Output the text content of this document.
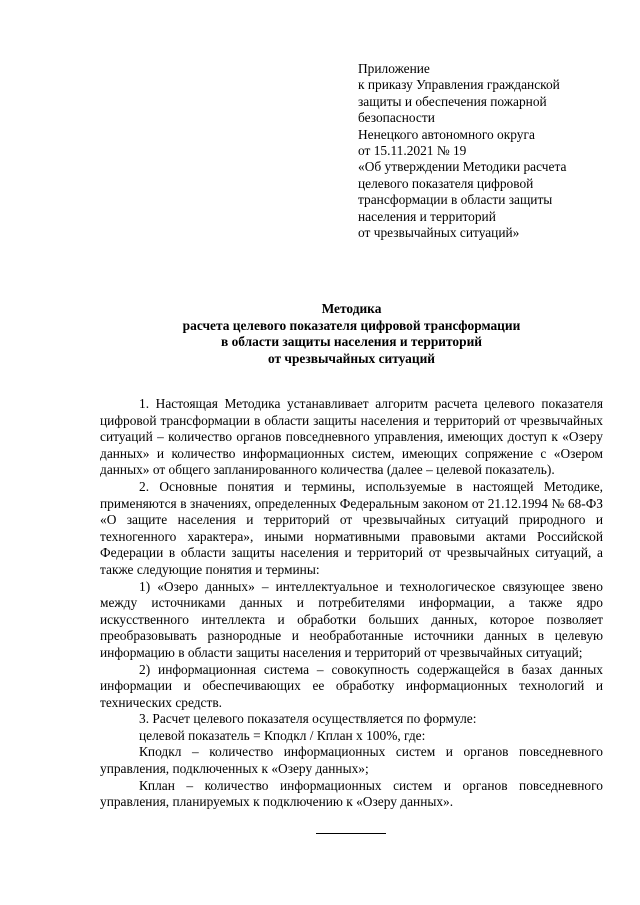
Приложение
к приказу Управления гражданской
защиты и обеспечения пожарной
безопасности
Ненецкого автономного округа
от 15.11.2021 № 19
«Об утверждении Методики расчета
целевого показателя цифровой
трансформации в области защиты
населения и территорий
от чрезвычайных ситуаций»
Методика
расчета целевого показателя цифровой трансформации
в области защиты населения и территорий
от чрезвычайных ситуаций

1. Настоящая Методика устанавливает алгоритм расчета целевого показателя цифровой трансформации в области защиты населения и территорий от чрезвычайных ситуаций – количество органов повседневного управления, имеющих доступ к «Озеру данных» и количество информационных систем, имеющих сопряжение с «Озером данных» от общего запланированного количества (далее – целевой показатель).

2. Основные понятия и термины, используемые в настоящей Методике, применяются в значениях, определенных Федеральным законом от 21.12.1994 № 68-ФЗ «О защите населения и территорий от чрезвычайных ситуаций природного и техногенного характера», иными нормативными правовыми актами Российской Федерации в области защиты населения и территорий от чрезвычайных ситуаций, а также следующие понятия и термины:

1) «Озеро данных» – интеллектуальное и технологическое связующее звено между источниками данных и потребителями информации, а также ядро искусственного интеллекта и обработки больших данных, которое позволяет преобразовывать разнородные и необработанные источники данных в целевую информацию в области защиты населения и территорий от чрезвычайных ситуаций;

2) информационная система – совокупность содержащейся в базах данных информации и обеспечивающих ее обработку информационных технологий и технических средств.

3. Расчет целевого показателя осуществляется по формуле:

целевой показатель = Кподкл / Кплан х 100%, где:

Кподкл – количество информационных систем и органов повседневного управления, подключенных к «Озеру данных»;

Кплан – количество информационных систем и органов повседневного управления, планируемых к подключению к «Озеру данных».
